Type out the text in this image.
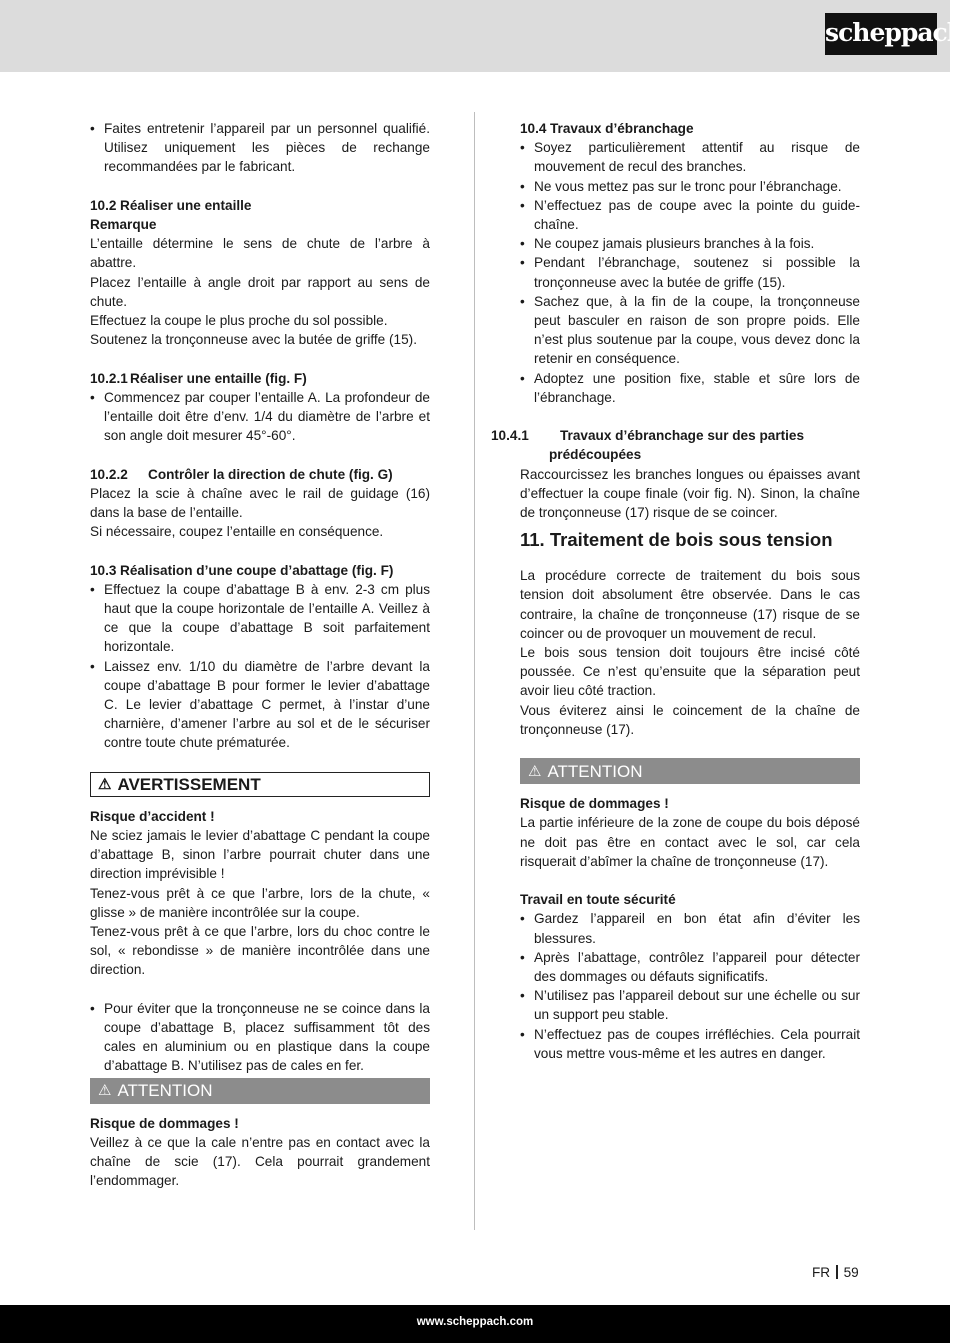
scheppach
• Faites entretenir l’appareil par un personnel qualifié. Utilisez uniquement les pièces de rechange recommandées par le fabricant.
10.2 Réaliser une entaille
Remarque

L’entaille détermine le sens de chute de l’arbre à abattre.

Placez l’entaille à angle droit par rapport au sens de chute.

Effectuez la coupe le plus proche du sol possible.

Soutenez la tronçonneuse avec la butée de griffe (15).

10.2.1 Réaliser une entaille (fig. F)
• Commencez par couper l’entaille A. La profondeur de l’entaille doit être d’env. 1/4 du diamètre de l’arbre et son angle doit mesurer 45°-60°.
10.2.2 Contrôler la direction de chute (fig. G)

Placez la scie à chaîne avec le rail de guidage (16) dans la base de l’entaille.

Si nécessaire, coupez l’entaille en conséquence.

10.3 Réalisation d’une coupe d’abattage (fig. F)
• Effectuez la coupe d’abattage B à env. 2-3 cm plus haut que la coupe horizontale de l’entaille A. Veillez à ce que la coupe d’abattage B soit parfaitement horizontale.
• Laissez env. 1/10 du diamètre de l’arbre devant la coupe d’abattage B pour former le levier d’abattage C. Le levier d’abattage C permet, à l’instar d’une charnière, d’amener l’arbre au sol et de le sécuriser contre toute chute prématurée.
⚠ AVERTISSEMENT
Risque d’accident !

Ne sciez jamais le levier d’abattage C pendant la coupe d’abattage B, sinon l’arbre pourrait chuter dans une direction imprévisible !

Tenez-vous prêt à ce que l’arbre, lors de la chute, « glisse » de manière incontrôlée sur la coupe.

Tenez-vous prêt à ce que l’arbre, lors du choc contre le sol, « rebondisse » de manière incontrôlée dans une direction.

• Pour éviter que la tronçonneuse ne se coince dans la coupe d’abattage B, placez suffisamment tôt des cales en aluminium ou en plastique dans la coupe d’abattage B. N’utilisez pas de cales en fer.
⚠ ATTENTION
Risque de dommages !

Veillez à ce que la cale n’entre pas en contact avec la chaîne de scie (17). Cela pourrait grandement l’endommager.

10.4 Travaux d’ébranchage
• Soyez particulièrement attentif au risque de mouvement de recul des branches.
• Ne vous mettez pas sur le tronc pour l’ébranchage.
• N’effectuez pas de coupe avec la pointe du guide-chaîne.
• Ne coupez jamais plusieurs branches à la fois.
• Pendant l’ébranchage, soutenez si possible la tronçonneuse avec la butée de griffe (15).
• Sachez que, à la fin de la coupe, la tronçonneuse peut basculer en raison de son propre poids. Elle n’est plus soutenue par la coupe, vous devez donc la retenir en conséquence.
• Adoptez une position fixe, stable et sûre lors de l’ébranchage.
10.4.1 Travaux d’ébranchage sur des parties prédécoupées

Raccourcissez les branches longues ou épaisses avant d’effectuer la coupe finale (voir fig. N). Sinon, la chaîne de tronçonneuse (17) risque de se coincer.

11. Traitement de bois sous tension

La procédure correcte de traitement du bois sous tension doit absolument être observée. Dans le cas contraire, la chaîne de tronçonneuse (17) risque de se coincer ou de provoquer un mouvement de recul.

Le bois sous tension doit toujours être incisé côté poussée. Ce n’est qu’ensuite que la séparation peut avoir lieu côté traction.

Vous éviterez ainsi le coincement de la chaîne de tronçonneuse (17).

⚠ ATTENTION
Risque de dommages !

La partie inférieure de la zone de coupe du bois déposé ne doit pas être en contact avec le sol, car cela risquerait d’abîmer la chaîne de tronçonneuse (17).

Travail en toute sécurité
• Gardez l’appareil en bon état afin d’éviter les blessures.
• Après l’abattage, contrôlez l’appareil pour détecter des dommages ou défauts significatifs.
• N’utilisez pas l’appareil debout sur une échelle ou sur un support peu stable.
• N’effectuez pas de coupes irréfléchies. Cela pourrait vous mettre vous-même et les autres en danger.
FR 59
www.scheppach.com
